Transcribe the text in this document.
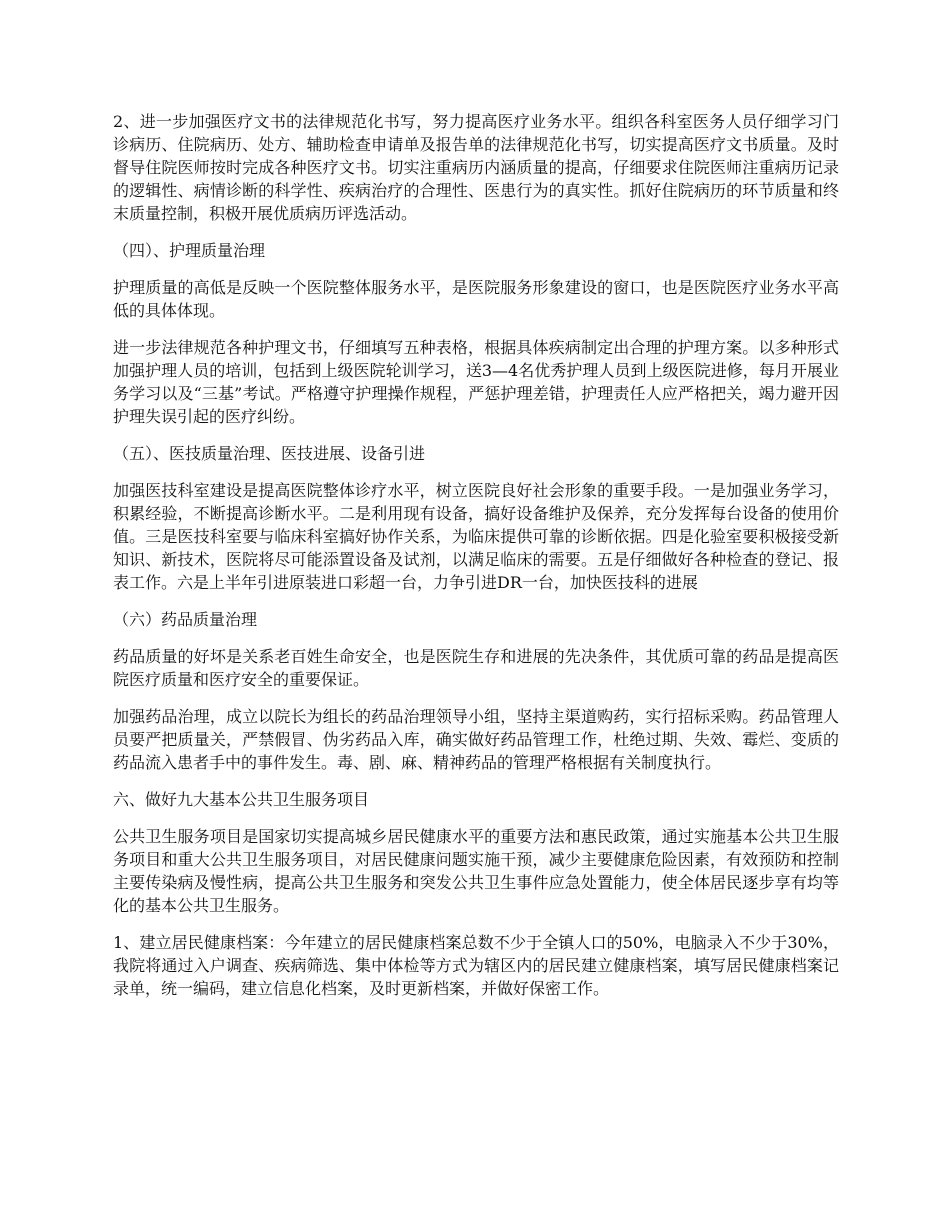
2、进一步加强医疗文书的法律规范化书写，努力提高医疗业务水平。组织各科室医务人员仔细学习门诊病历、住院病历、处方、辅助检查申请单及报告单的法律规范化书写，切实提高医疗文书质量。及时督导住院医师按时完成各种医疗文书。切实注重病历内涵质量的提高，仔细要求住院医师注重病历记录的逻辑性、病情诊断的科学性、疾病治疗的合理性、医患行为的真实性。抓好住院病历的环节质量和终末质量控制，积极开展优质病历评选活动。

（四）、护理质量治理

护理质量的高低是反映一个医院整体服务水平，是医院服务形象建设的窗口，也是医院医疗业务水平高低的具体体现。

进一步法律规范各种护理文书，仔细填写五种表格，根据具体疾病制定出合理的护理方案。以多种形式加强护理人员的培训，包括到上级医院轮训学习，送3—4名优秀护理人员到上级医院进修，每月开展业务学习以及“三基”考试。严格遵守护理操作规程，严惩护理差错，护理责任人应严格把关，竭力避开因护理失误引起的医疗纠纷。

（五）、医技质量治理、医技进展、设备引进

加强医技科室建设是提高医院整体诊疗水平，树立医院良好社会形象的重要手段。一是加强业务学习，积累经验，不断提高诊断水平。二是利用现有设备，搞好设备维护及保养，充分发挥每台设备的使用价值。三是医技科室要与临床科室搞好协作关系，为临床提供可靠的诊断依据。四是化验室要积极接受新知识、新技术，医院将尽可能添置设备及试剂，以满足临床的需要。五是仔细做好各种检查的登记、报表工作。六是上半年引进原装进口彩超一台，力争引进DR一台，加快医技科的进展

（六）药品质量治理

药品质量的好坏是关系老百姓生命安全，也是医院生存和进展的先决条件，其优质可靠的药品是提高医院医疗质量和医疗安全的重要保证。

加强药品治理，成立以院长为组长的药品治理领导小组，坚持主渠道购药，实行招标采购。药品管理人员要严把质量关，严禁假冒、伪劣药品入库，确实做好药品管理工作，杜绝过期、失效、霉烂、变质的药品流入患者手中的事件发生。毒、剧、麻、精神药品的管理严格根据有关制度执行。

六、做好九大基本公共卫生服务项目

公共卫生服务项目是国家切实提高城乡居民健康水平的重要方法和惠民政策，通过实施基本公共卫生服务项目和重大公共卫生服务项目，对居民健康问题实施干预，减少主要健康危险因素，有效预防和控制主要传染病及慢性病，提高公共卫生服务和突发公共卫生事件应急处置能力，使全体居民逐步享有均等化的基本公共卫生服务。

1、建立居民健康档案：今年建立的居民健康档案总数不少于全镇人口的50%，电脑录入不少于30%，我院将通过入户调查、疾病筛选、集中体检等方式为辖区内的居民建立健康档案，填写居民健康档案记录单，统一编码，建立信息化档案，及时更新档案，并做好保密工作。
